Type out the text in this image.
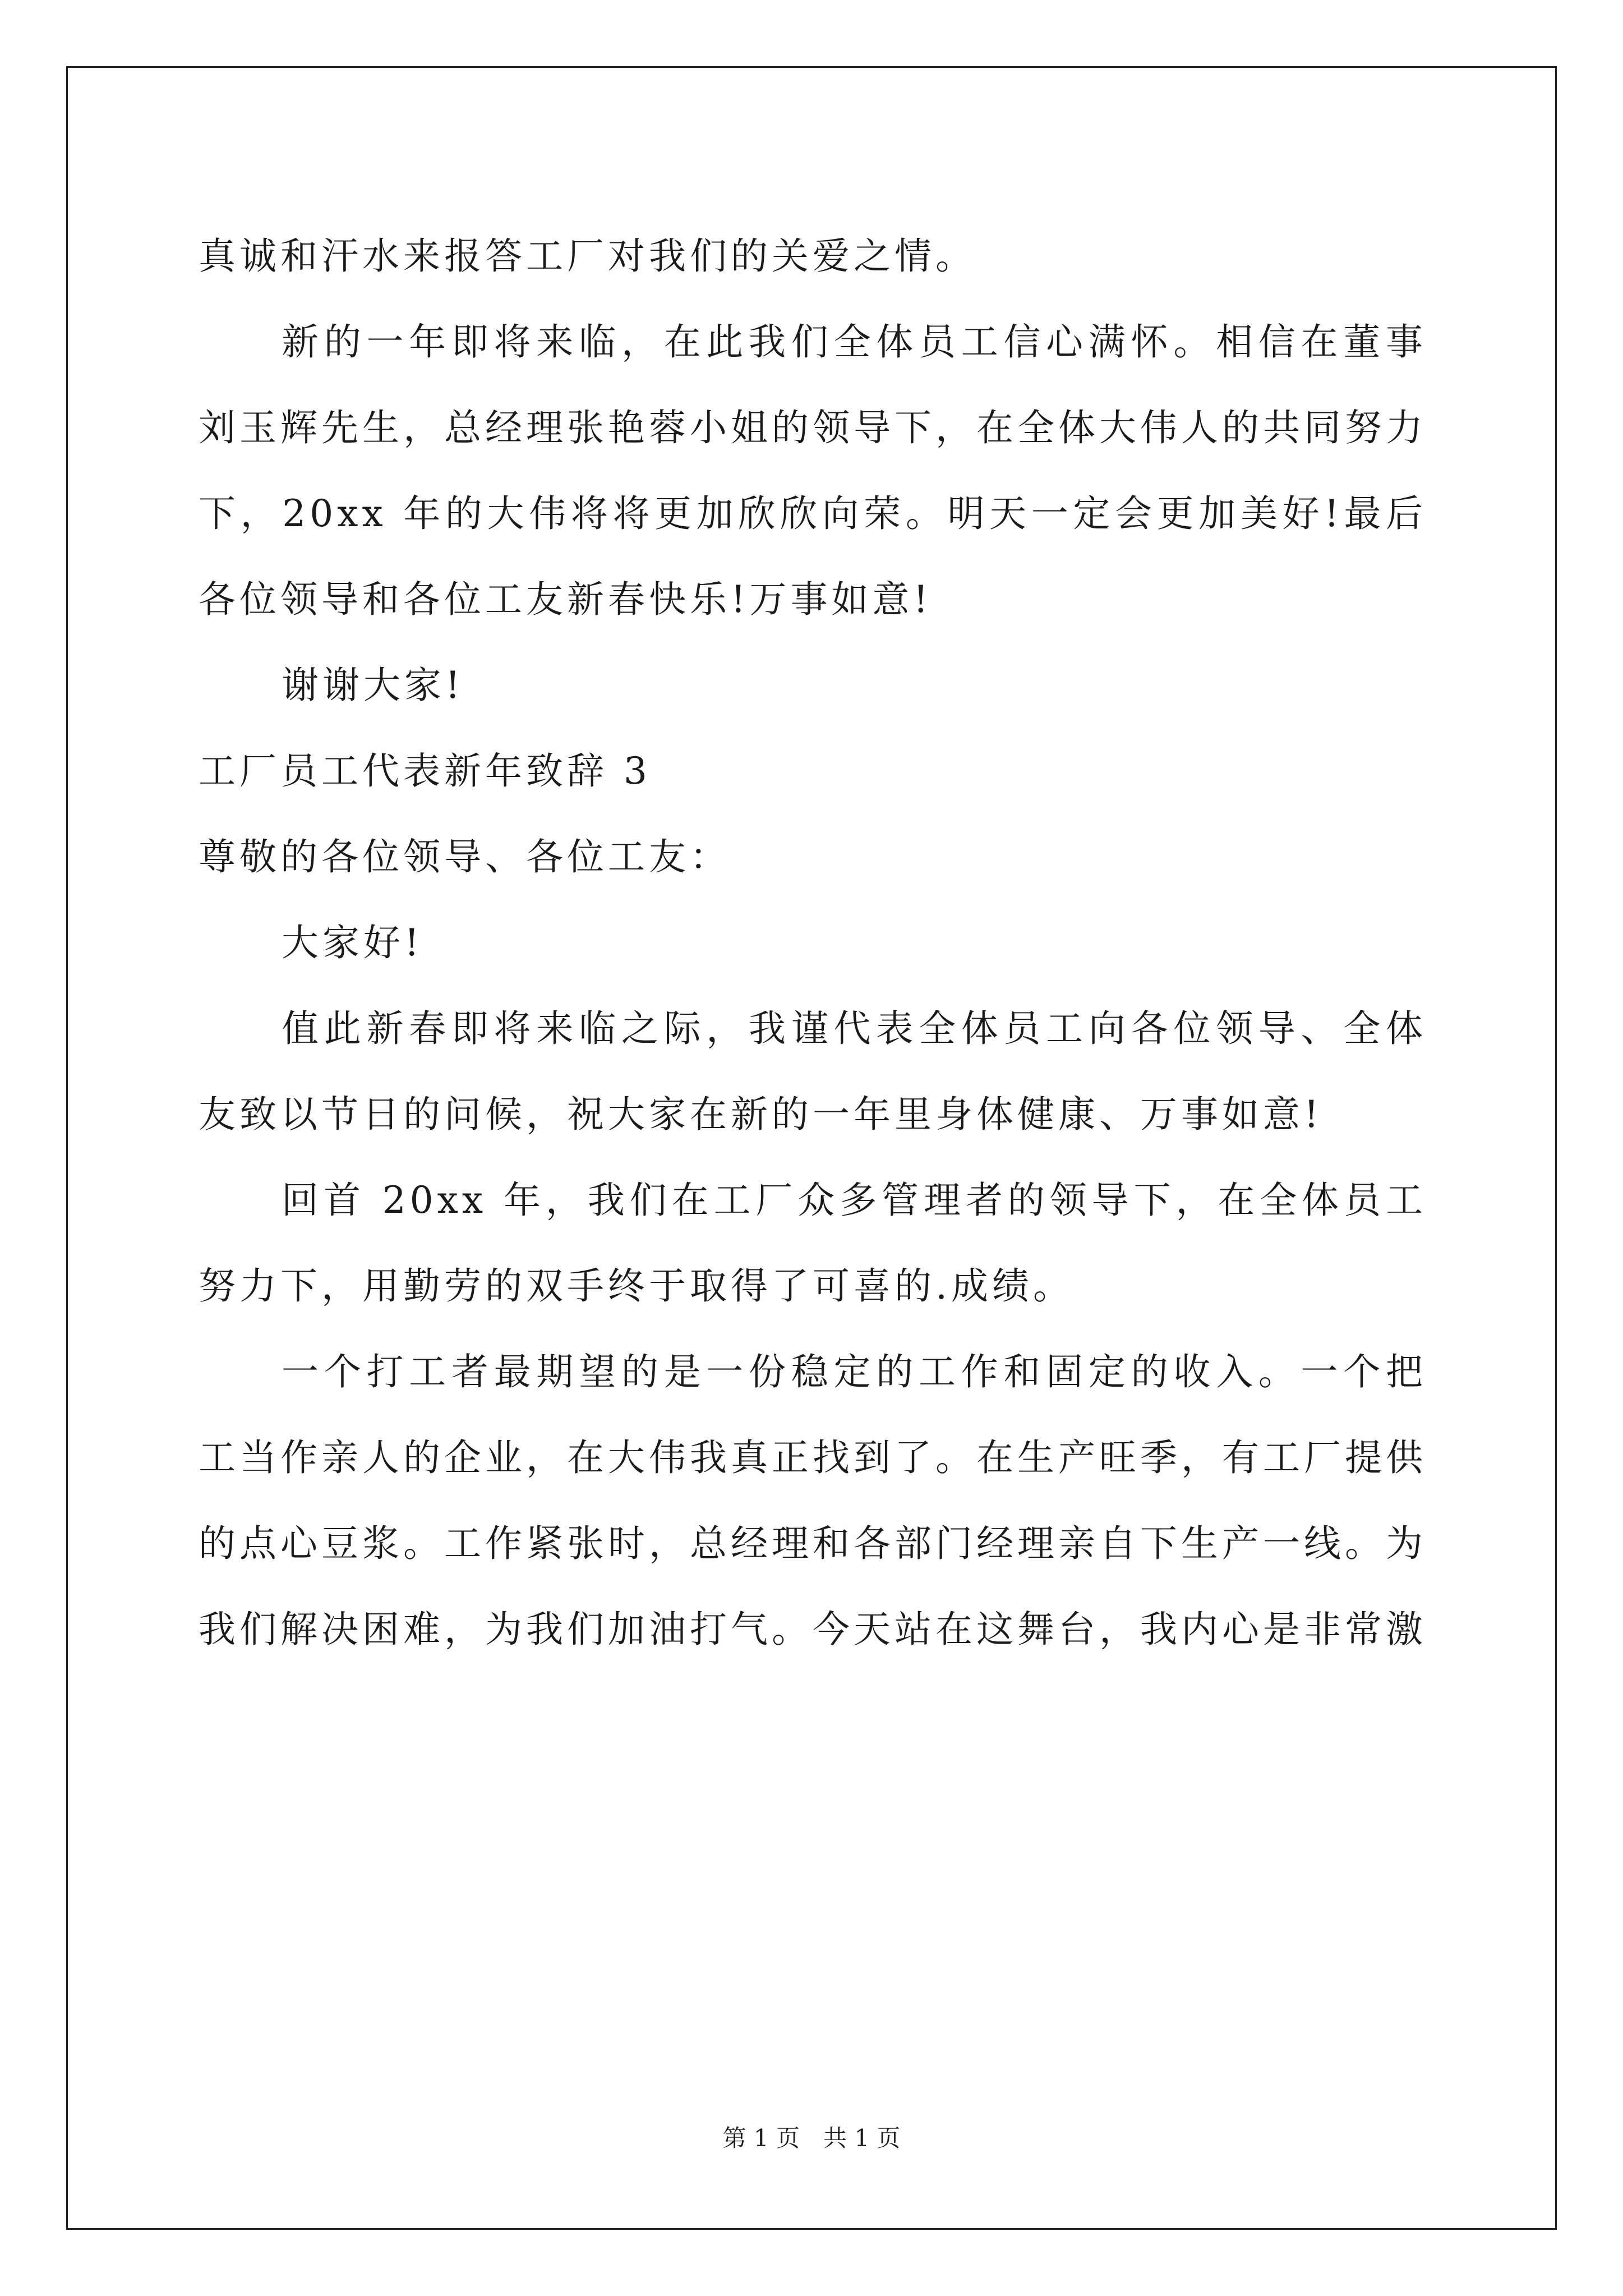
真诚和汗水来报答工厂对我们的关爱之情。
新的一年即将来临，在此我们全体员工信心满怀。相信在董事
刘玉辉先生，总经理张艳蓉小姐的领导下，在全体大伟人的共同努力
下，20xx 年的大伟将将更加欣欣向荣。明天一定会更加美好!最后
各位领导和各位工友新春快乐!万事如意!
谢谢大家!
工厂员工代表新年致辞 3
尊敬的各位领导、各位工友：
大家好!
值此新春即将来临之际，我谨代表全体员工向各位领导、全体
友致以节日的问候，祝大家在新的一年里身体健康、万事如意!
回首 20xx 年，我们在工厂众多管理者的领导下，在全体员工
努力下，用勤劳的双手终于取得了可喜的.成绩。
一个打工者最期望的是一份稳定的工作和固定的收入。一个把
工当作亲人的企业，在大伟我真正找到了。在生产旺季，有工厂提供
的点心豆浆。工作紧张时，总经理和各部门经理亲自下生产一线。为
我们解决困难，为我们加油打气。今天站在这舞台，我内心是非常激
第 1 页　共 1 页
